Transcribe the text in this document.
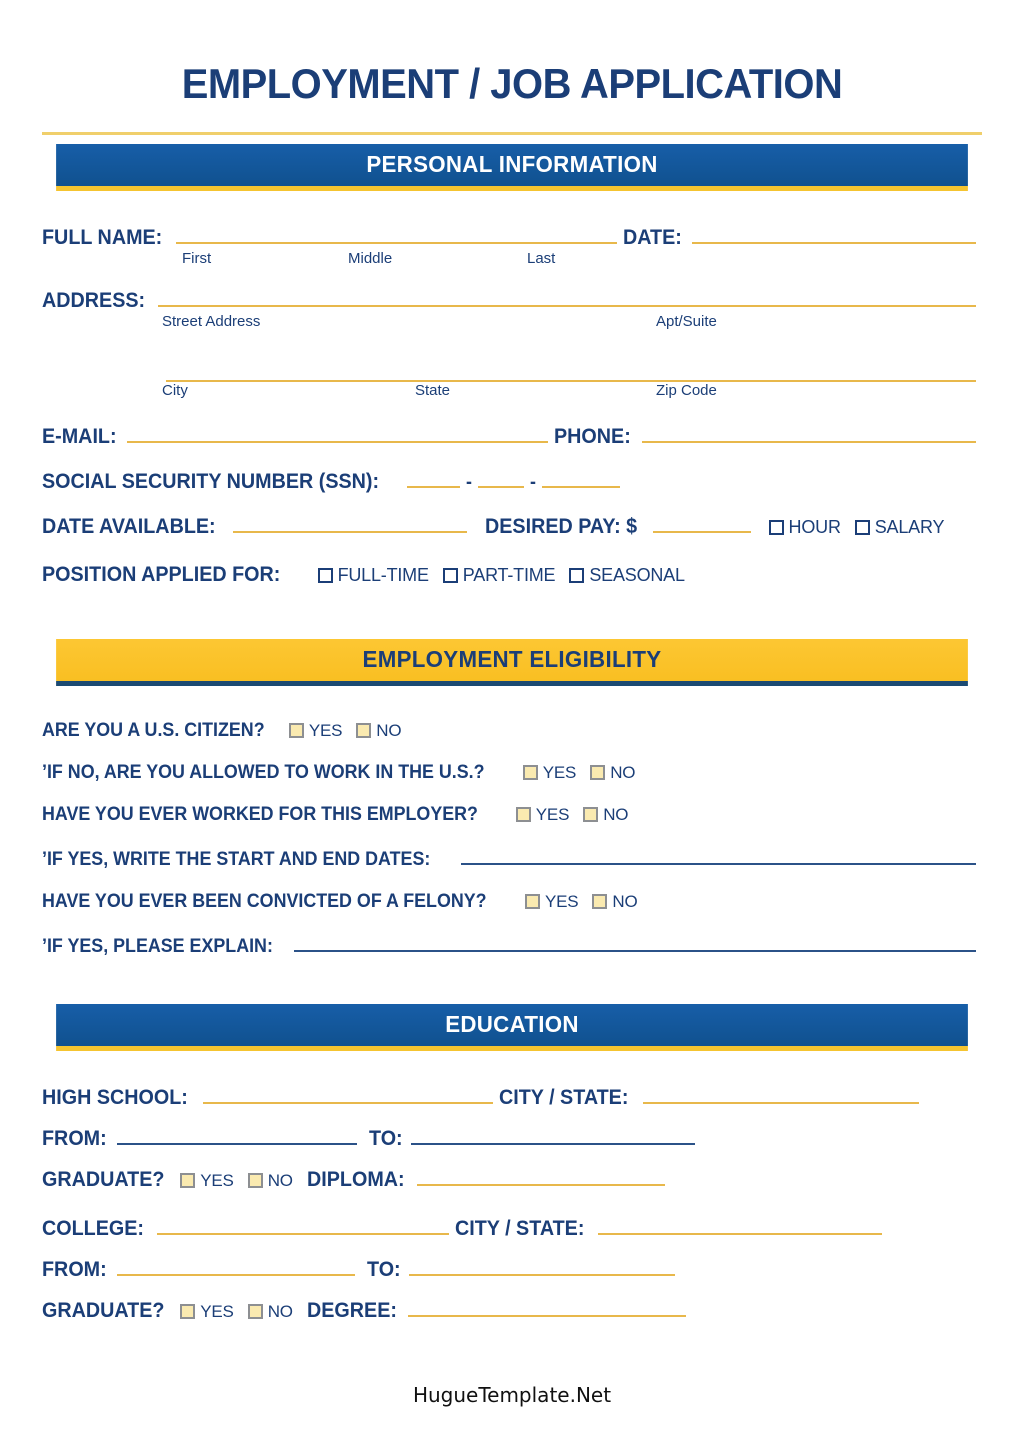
EMPLOYMENT / JOB APPLICATION
PERSONAL INFORMATION
FULL NAME:	DATE:
First	Middle	Last
ADDRESS:
Street Address	Apt/Suite
City	State	Zip Code
E-MAIL:	PHONE:
SOCIAL SECURITY NUMBER (SSN):	-	-
DATE AVAILABLE:	DESIRED PAY: $	HOUR	SALARY
POSITION APPLIED FOR:	FULL-TIME	PART-TIME	SEASONAL
EMPLOYMENT ELIGIBILITY
ARE YOU A U.S. CITIZEN?	YES	NO
’IF NO, ARE YOU ALLOWED TO WORK IN THE U.S.?	YES	NO
HAVE YOU EVER WORKED FOR THIS EMPLOYER?	YES	NO
’IF YES, WRITE THE START AND END DATES:
HAVE YOU EVER BEEN CONVICTED OF A FELONY?	YES	NO
’IF YES, PLEASE EXPLAIN:
EDUCATION
HIGH SCHOOL:	CITY / STATE:
FROM:	TO:
GRADUATE?	YES	NO DIPLOMA:
COLLEGE:	CITY / STATE:
FROM:	TO:
GRADUATE?	YES	NO DEGREE:
HugueTemplate.Net
